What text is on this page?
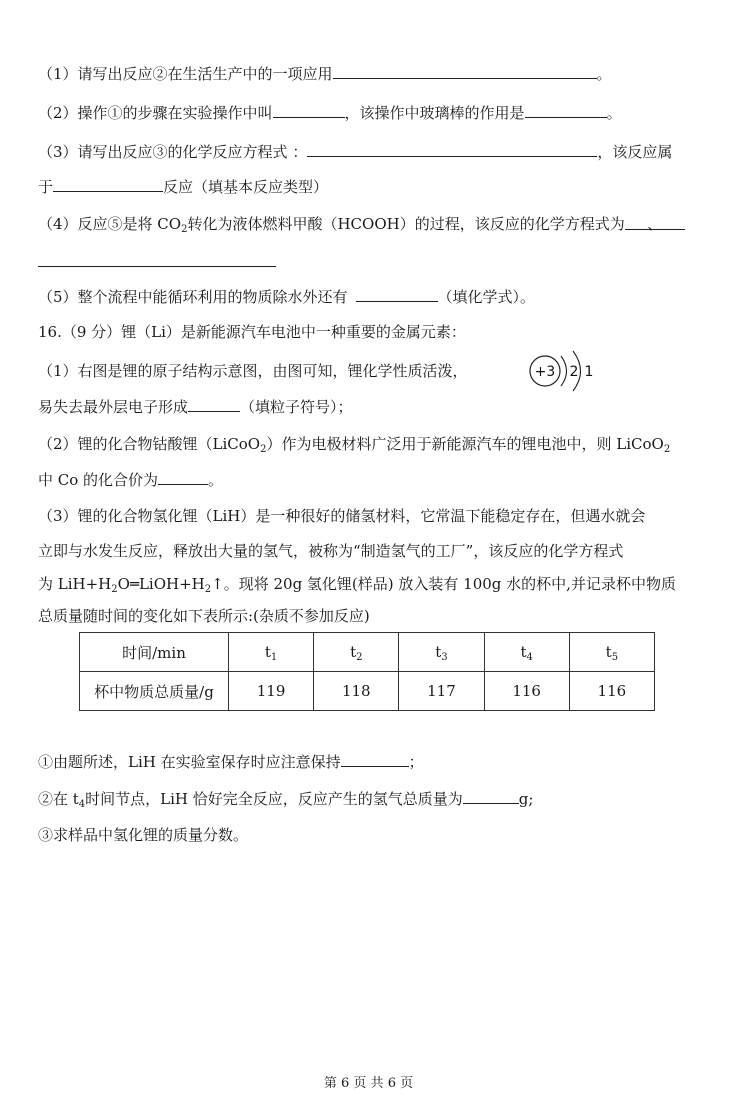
（1）请写出反应②在生活生产中的一项应用	。
（2）操作①的步骤在实验操作中叫	，该操作中玻璃棒的作用是	。
（3）请写出反应③的化学反应方程式 ：	，该反应属
于	反应（填基本反应类型）
（4）反应⑤是将 $CO_2$转化为液体燃料甲酸（HCOOH）的过程，该反应的化学方程式为 、
（5）整个流程中能循环利用的物质除水外还有	（填化学式）。
16.（9 分）锂（Li）是新能源汽车电池中一种重要的金属元素：
（1）右图是锂的原子结构示意图，由图可知，锂化学性质活泼，	+3 2 1
易失去最外层电子形成	（填粒子符号）；
（2）锂的化合物钴酸锂（LiCoO$_2$）作为电极材料广泛用于新能源汽车的锂电池中，则 LiCoO$_2$
中 Co 的化合价为	。
（3）锂的化合物氢化锂（LiH）是一种很好的储氢材料，它常温下能稳定存在，但遇水就会
立即与水发生反应，释放出大量的氢气，被称为“制造氢气的工厂”，该反应的化学方程式
为 $LiH+H_2O═LiOH+H_2↑$。现将 20g 氢化锂(样品) 放入装有 100g 水的杯中,并记录杯中物质
总质量随时间的变化如下表所示:(杂质不参加反应)
时间/min	$t_1$	$t_2$	$t_3$	$t_4$	$t_5$
杯中物质总质量/g	119	118	117	116	116
①由题所述，LiH 在实验室保存时应注意保持	；
②在 $t_4$时间节点，LiH 恰好完全反应，反应产生的氢气总质量为	g;
③求样品中氢化锂的质量分数。
第 6 页 共 6 页
